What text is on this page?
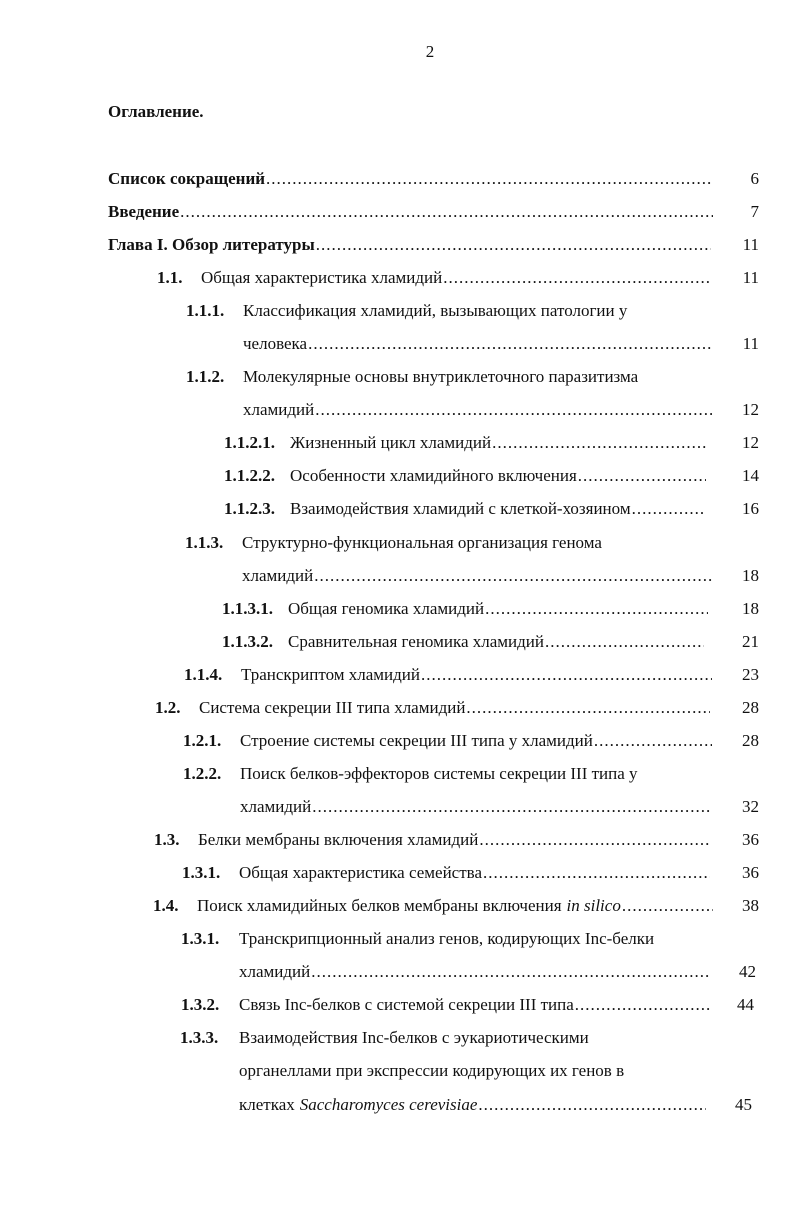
2
Оглавление.
Список сокращений .....	6
Введение .....	7
Глава I. Обзор литературы .....	11
1.1.	Общая характеристика хламидий .....	11
1.1.1.	Классификация хламидий, вызывающих патологии у
человека .....	11
1.1.2.	Молекулярные основы внутриклеточного паразитизма
хламидий .....	12
1.1.2.1. Жизненный цикл хламидий .....	12
1.1.2.2. Особенности хламидийного включения .....	14
1.1.2.3. Взаимодействия хламидий с клеткой-хозяином .....	16
1.1.3.	Структурно-функциональная организация генома
хламидий .....	18
1.1.3.1. Общая геномика хламидий .....	18
1.1.3.2. Сравнительная геномика хламидий .....	21
1.1.4.	Транскриптом хламидий .....	23
1.2.	Система секреции III типа хламидий .....	28
1.2.1.	Строение системы секреции III типа у хламидий .....	28
1.2.2.	Поиск белков-эффекторов системы секреции III типа у
хламидий .....	32
1.3.	Белки мембраны включения хламидий .....	36
1.3.1.	Общая характеристика семейства .....	36
1.4.	Поиск хламидийных белков мембраны включения in silico .....	38
1.3.1.	Транскрипционный анализ генов, кодирующих Inc-белки
хламидий .....	42
1.3.2.	Связь Inc-белков с системой секреции III типа .....	44
1.3.3.	Взаимодействия Inc-белков с эукариотическими
органеллами при экспрессии кодирующих их генов в
клетках Saccharomyces cerevisiae .....	45
